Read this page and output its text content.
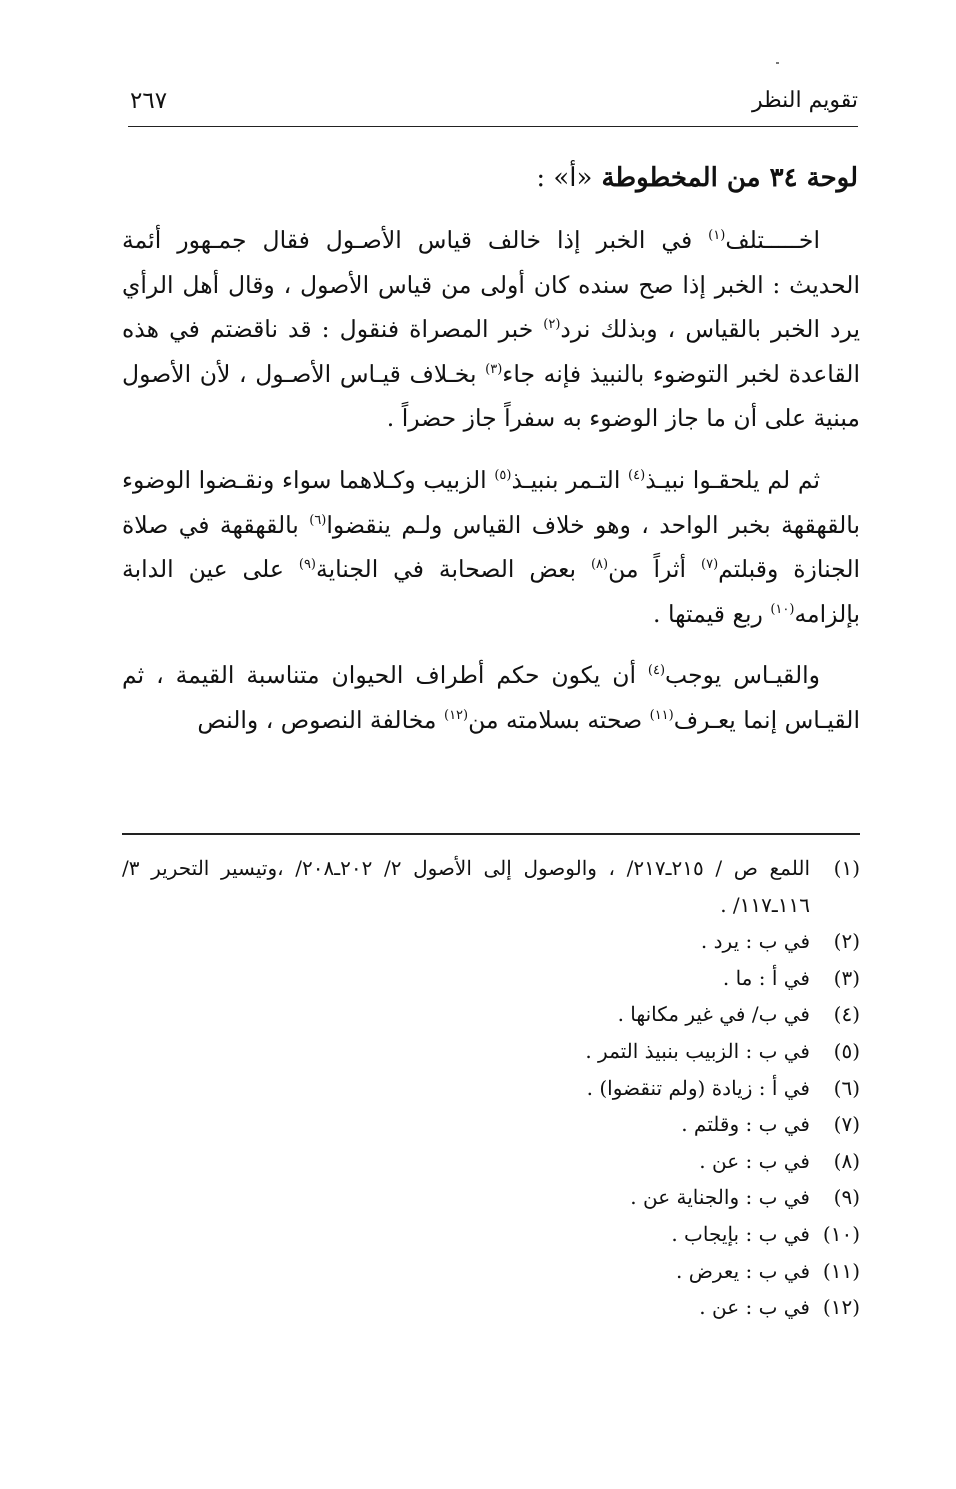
تقويم النظر
٢٦٧
لوحة ٣٤ من المخطوطة «أ» :

اخـــــتلف$^{(١)}$ في الخبر إذا خالف قياس الأصـول فقال جمـهور أئمة الحديث : الخبر إذا صح سنده كان أولى من قياس الأصول ، وقال أهل الرأي يرد الخبر بالقياس ، وبذلك نرد$^{(٢)}$ خبر المصراة فنقول : قد ناقضتم في هذه القاعدة لخبر التوضوء بالنبيذ فإنه جاء$^{(٣)}$ بخـلاف قيـاس الأصـول ، لأن الأصول مبنية على أن ما جاز الوضوء به سفراً جاز حضراً .

ثم لم يلحقـوا نبيـذ$^{(٤)}$ التـمر بنبيـذ$^{(٥)}$ الزبيب وكـلاهما سواء ونقـضوا الوضوء بالقهقهة بخبر الواحد ، وهو خلاف القياس ولـم ينقضوا$^{(٦)}$ بالقهقهة في صلاة الجنازة وقبلتم$^{(٧)}$ أثراً من$^{(٨)}$ بعض الصحابة في الجناية$^{(٩)}$ على عين الدابة بإلزامه$^{(١٠)}$ ربع قيمتها .

والقيـاس يوجب$^{(٤)}$ أن يكون حكم أطراف الحيوان متناسبة القيمة ، ثم القيـاس إنما يعـرف$^{(١١)}$ صحته بسلامته من$^{(١٢)}$ مخالفة النصوص ، والنص

(١)
اللمع ص / ٢١٥ـ٢١٧/ ، والوصول إلى الأصول ٢/ ٢٠٢ـ٢٠٨/ ،وتيسير التحرير ٣/ ١١٦ـ١١٧/ .
(٢)
في ب : يرد .
(٣)
في أ : ما .
(٤)
في ب/ في غير مكانها .
(٥)
في ب : الزبيب بنبيذ التمر .
(٦)
في أ : زيادة (ولم تنقضوا) .
(٧)
في ب : وقلتم .
(٨)
في ب : عن .
(٩)
في ب : والجناية عن .
(١٠)
في ب : بإيجاب .
(١١)
في ب : يعرض .
(١٢)
في ب : عن .
